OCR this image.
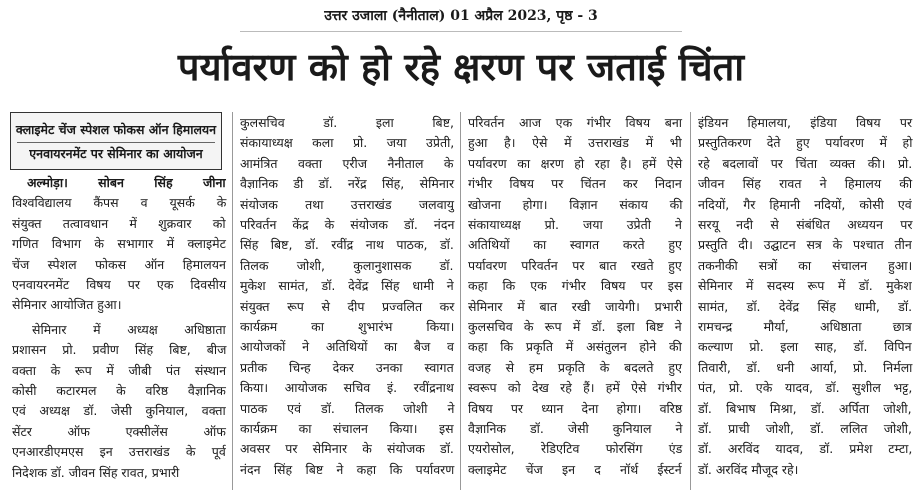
उत्तर उजाला (नैनीताल) 01 अप्रैल 2023, पृष्ठ - 3
पर्यावरण को हो रहे क्षरण पर जताई चिंता
क्लाइमेट चेंज स्पेशल फोकस ऑन हिमालयन
एनवायरनमेंट पर सेमिनार का आयोजन
अल्मोड़ा। सोबन सिंह जीना
विश्वविद्यालय कैंपस व यूसर्क के
संयुक्त तत्वावधान में शुक्रवार को
गणित विभाग के सभागार में क्लाइमेट
चेंज स्पेशल फोकस ऑन हिमालयन
एनवायरनमेंट विषय पर एक दिवसीय
सेमिनार आयोजित हुआ।
सेमिनार में अध्यक्ष अधिष्ठाता
प्रशासन प्रो. प्रवीण सिंह बिष्ट, बीज
वक्ता के रूप में जीबी पंत संस्थान
कोसी कटारमल के वरिष्ठ वैज्ञानिक
एवं अध्यक्ष डॉ. जेसी कुनियाल, वक्ता
सेंटर ऑफ एक्सीलेंस ऑफ
एनआरडीएमएस इन उत्तराखंड के पूर्व
निदेशक डॉ. जीवन सिंह रावत, प्रभारी
कुलसचिव डॉ. इला बिष्ट,
संकायाध्यक्ष कला प्रो. जया उप्रेती,
आमंत्रित वक्ता एरीज नैनीताल के
वैज्ञानिक डी डॉ. नरेंद्र सिंह, सेमिनार
संयोजक तथा उत्तराखंड जलवायु
परिवर्तन केंद्र के संयोजक डॉ. नंदन
सिंह बिष्ट, डॉ. रवींद्र नाथ पाठक, डॉ.
तिलक जोशी, कुलानुशासक डॉ.
मुकेश सामंत, डॉ. देवेंद्र सिंह धामी ने
संयुक्त रूप से दीप प्रज्वलित कर
कार्यक्रम का शुभारंभ किया।
आयोजकों ने अतिथियों का बैज व
प्रतीक चिन्ह देकर उनका स्वागत
किया। आयोजक सचिव इं. रवींद्रनाथ
पाठक एवं डॉ. तिलक जोशी ने
कार्यक्रम का संचालन किया। इस
अवसर पर सेमिनार के संयोजक डॉ.
नंदन सिंह बिष्ट ने कहा कि पर्यावरण
परिवर्तन आज एक गंभीर विषय बना
हुआ है। ऐसे में उत्तराखंड में भी
पर्यावरण का क्षरण हो रहा है। हमें ऐसे
गंभीर विषय पर चिंतन कर निदान
खोजना होगा। विज्ञान संकाय की
संकायाध्यक्ष प्रो. जया उप्रेती ने
अतिथियों का स्वागत करते हुए
पर्यावरण परिवर्तन पर बात रखते हुए
कहा कि एक गंभीर विषय पर इस
सेमिनार में बात रखी जायेगी। प्रभारी
कुलसचिव के रूप में डॉ. इला बिष्ट ने
कहा कि प्रकृति में असंतुलन होने की
वजह से हम प्रकृति के बदलते हुए
स्वरूप को देख रहे हैं। हमें ऐसे गंभीर
विषय पर ध्यान देना होगा। वरिष्ठ
वैज्ञानिक डॉ. जेसी कुनियाल ने
एयरोसोल, रेडिएटिव फोरसिंग एंड
क्लाइमेट चेंज इन द नॉर्थ ईस्टर्न
इंडियन हिमालया, इंडिया विषय पर
प्रस्तुतिकरण देते हुए पर्यावरण में हो
रहे बदलावों पर चिंता व्यक्त की। प्रो.
जीवन सिंह रावत ने हिमालय की
नदियों, गैर हिमानी नदियों, कोसी एवं
सरयू नदी से संबंधित अध्ययन पर
प्रस्तुति दी। उद्घाटन सत्र के पश्चात तीन
तकनीकी सत्रों का संचालन हुआ।
सेमिनार में सदस्य रूप में डॉ. मुकेश
सामंत, डॉ. देवेंद्र सिंह धामी, डॉ.
रामचन्द्र मौर्या, अधिष्ठाता छात्र
कल्याण प्रो. इला साह, डॉ. विपिन
तिवारी, डॉ. धनी आर्या, प्रो. निर्मला
पंत, प्रो. एके यादव, डॉ. सुशील भट्ट,
डॉ. बिभाष मिश्रा, डॉ. अर्पिता जोशी,
डॉ. प्राची जोशी, डॉ. ललित जोशी,
डॉ. अरविंद यादव, डॉ. प्रमेश टम्टा,
डॉ. अरविंद मौजूद रहे।
